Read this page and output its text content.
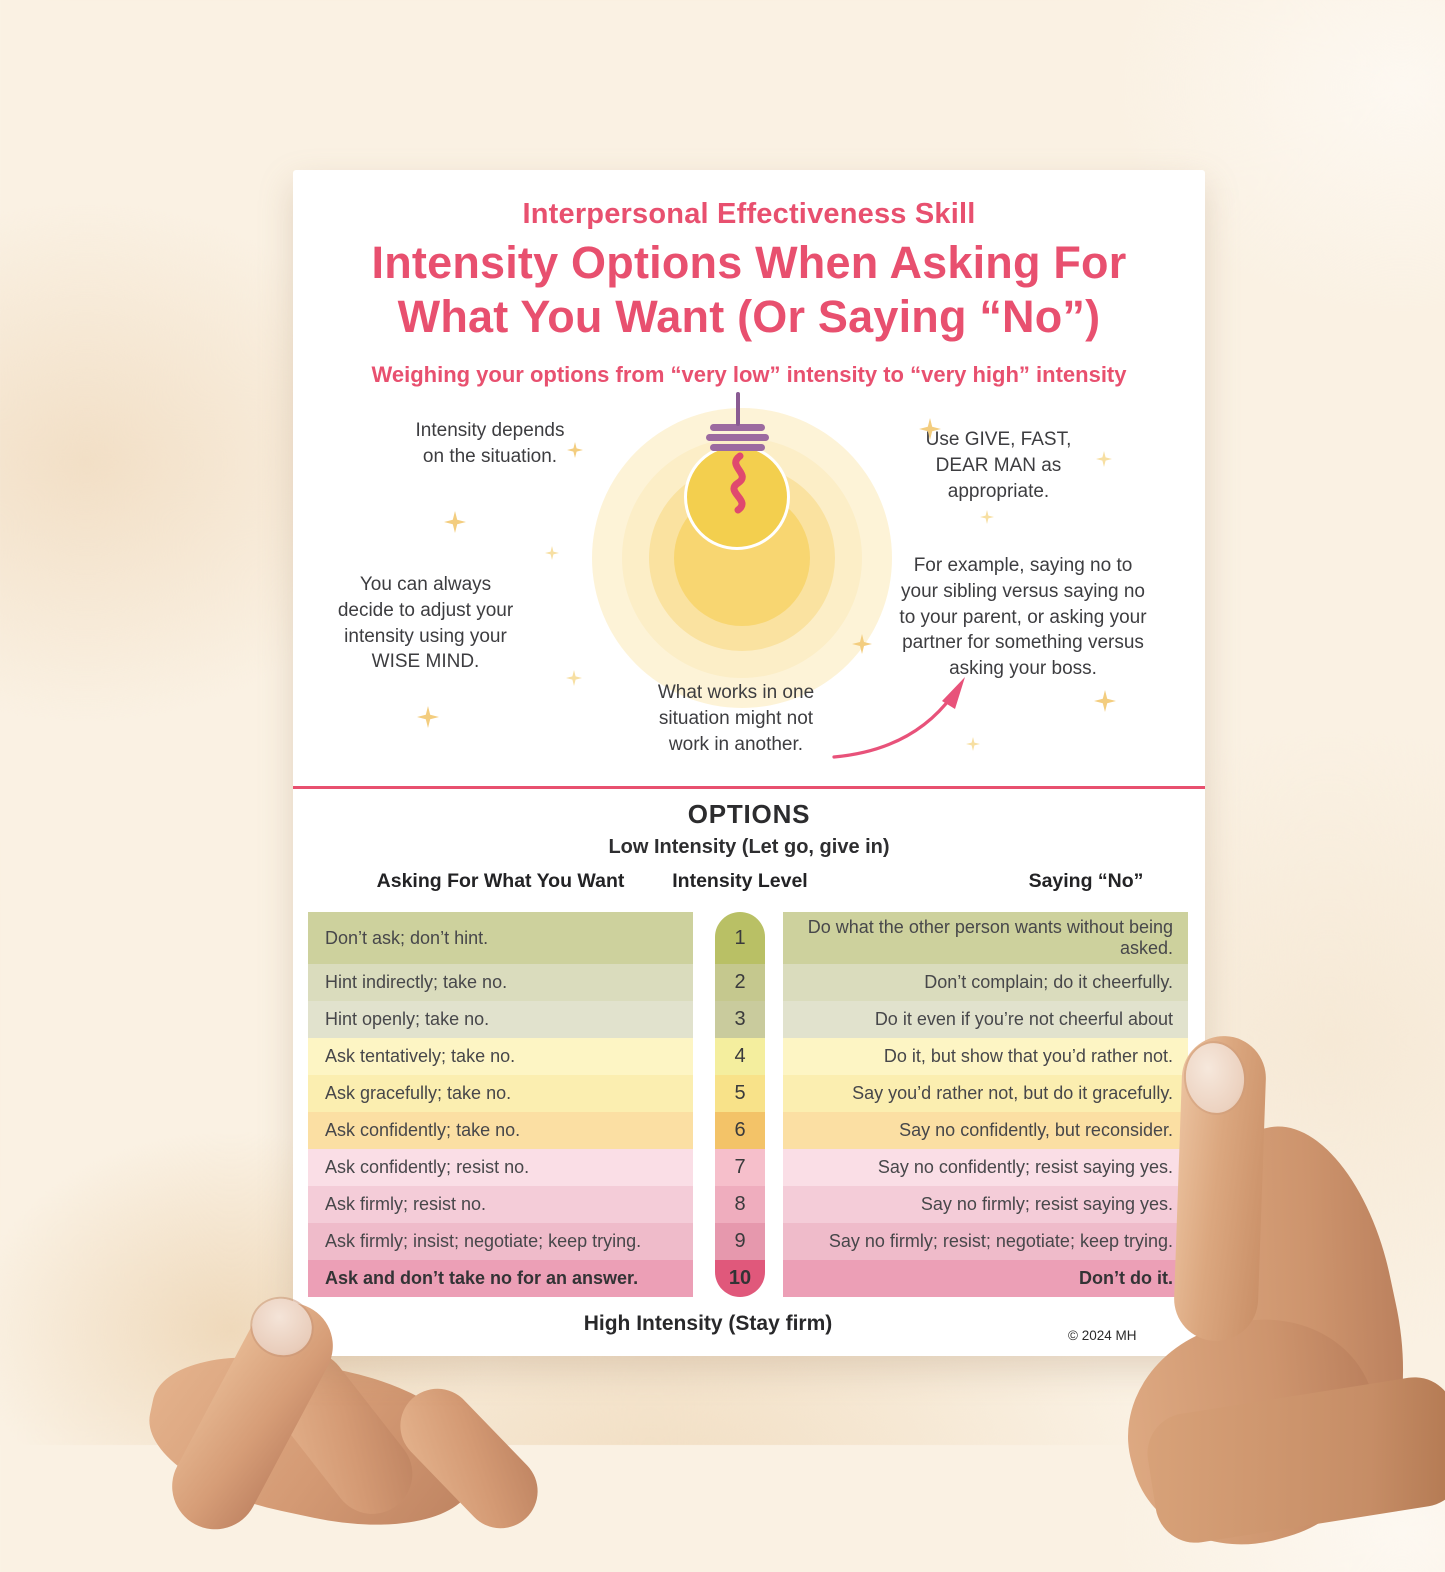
Interpersonal Effectiveness Skill
Intensity Options When Asking For
What You Want (Or Saying “No”)
Weighing your options from “very low” intensity to “very high” intensity
Intensity depends on the situation.
Use GIVE, FAST, DEAR MAN as appropriate.
You can always decide to adjust your intensity using your WISE MIND.
For example, saying no to your sibling versus saying no to your parent, or asking your partner for something versus asking your boss.
What works in one situation might not work in another.
OPTIONS
Low Intensity (Let go, give in)
Asking For What You Want	Intensity Level	Saying “No”
Don’t ask; don’t hint.	1	Do what the other person wants without being asked.
Hint indirectly; take no.	2	Don’t complain; do it cheerfully.
Hint openly; take no.	3	Do it even if you’re not cheerful about
Ask tentatively; take no.	4	Do it, but show that you’d rather not.
Ask gracefully; take no.	5	Say you’d rather not, but do it gracefully.
Ask confidently; take no.	6	Say no confidently, but reconsider.
Ask confidently; resist no.	7	Say no confidently; resist saying yes.
Ask firmly; resist no.	8	Say no firmly; resist saying yes.
Ask firmly; insist; negotiate; keep trying.	9	Say no firmly; resist; negotiate; keep trying.
Ask and don’t take no for an answer.	10	Don’t do it.
High Intensity (Stay firm)
© 2024 MH
